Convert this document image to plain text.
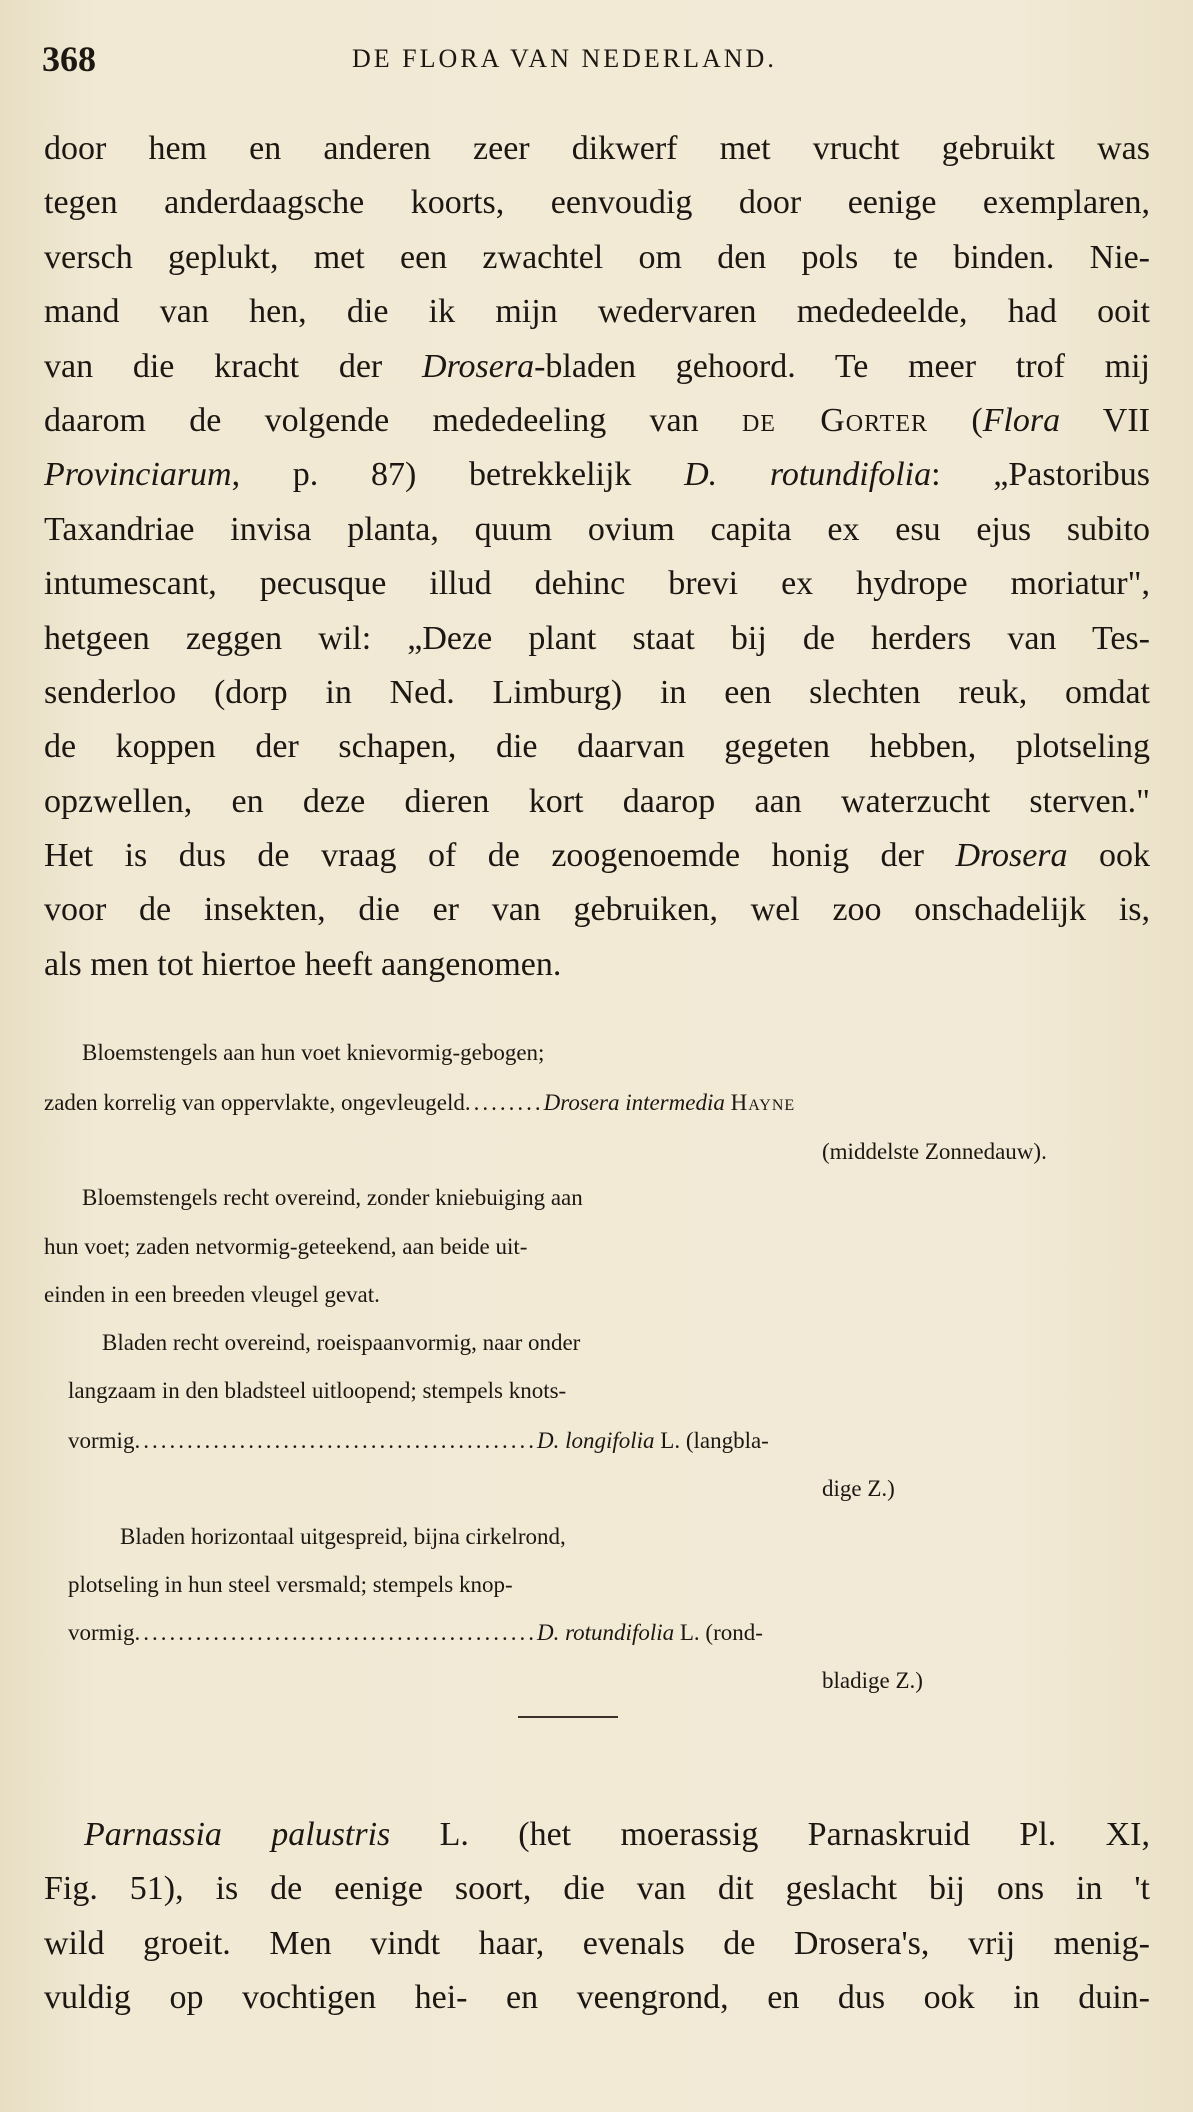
368	DE FLORA VAN NEDERLAND.
door hem en anderen zeer dikwerf met vrucht gebruikt was
tegen anderdaagsche koorts, eenvoudig door eenige exemplaren,
versch geplukt, met een zwachtel om den pols te binden. Nie-
mand van hen, die ik mijn wedervaren mededeelde, had ooit
van die kracht der Drosera-bladen gehoord. Te meer trof mij
daarom de volgende mededeeling van de Gorter (Flora VII
Provinciarum, p. 87) betrekkelijk D. rotundifolia: „Pastoribus
Taxandriae invisa planta, quum ovium capita ex esu ejus subito
intumescant, pecusque illud dehinc brevi ex hydrope moriatur",
hetgeen zeggen wil: „Deze plant staat bij de herders van Tes-
senderloo (dorp in Ned. Limburg) in een slechten reuk, omdat
de koppen der schapen, die daarvan gegeten hebben, plotseling
opzwellen, en deze dieren kort daarop aan waterzucht sterven."
Het is dus de vraag of de zoogenoemde honig der Drosera ook
voor de insekten, die er van gebruiken, wel zoo onschadelijk is,
als men tot hiertoe heeft aangenomen.
Bloemstengels aan hun voet knievormig-gebogen;
zaden korrelig van oppervlakte, ongevleugeld.........Drosera intermedia Hayne
(middelste Zonnedauw).
Bloemstengels recht overeind, zonder kniebuiging aan
hun voet; zaden netvormig-geteekend, aan beide uit-
einden in een breeden vleugel gevat.
Bladen recht overeind, roeispaanvormig, naar onder
langzaam in den bladsteel uitloopend; stempels knots-
vormig..............................................D. longifolia L. (langbla-
dige Z.)
Bladen horizontaal uitgespreid, bijna cirkelrond,
plotseling in hun steel versmald; stempels knop-
vormig..............................................D. rotundifolia L. (rond-
bladige Z.)
Parnassia palustris L. (het moerassig Parnaskruid Pl. XI,
Fig. 51), is de eenige soort, die van dit geslacht bij ons in 't
wild groeit. Men vindt haar, evenals de Drosera's, vrij menig-
vuldig op vochtigen hei- en veengrond, en dus ook in duin-
